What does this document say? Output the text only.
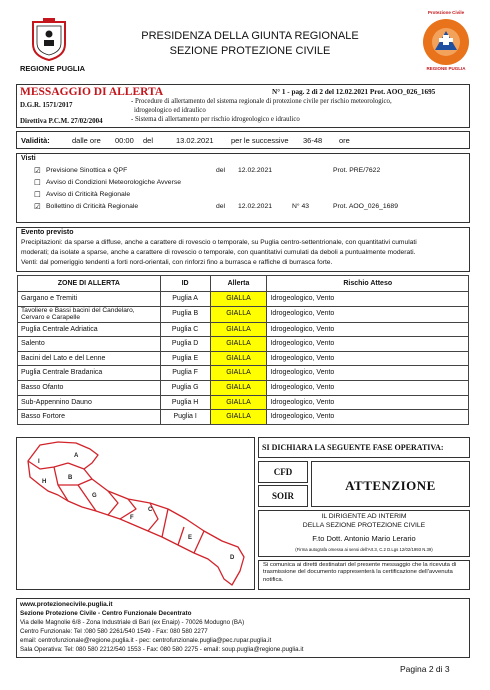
REGIONE PUGLIA
PRESIDENZA DELLA GIUNTA REGIONALE
SEZIONE PROTEZIONE CIVILE
Protezione Civile
REGIONE PUGLIA
MESSAGGIO DI ALLERTA	N° 1 - pag. 2 di 2 del 12.02.2021 Prot. AOO_026_1695
D.G.R. 1571/2017	- Procedure di allertamento del sistema regionale di protezione civile per rischio meteorologico,
idrogeologico ed idraulico
Direttiva P.C.M. 27/02/2004	- Sistema di allertamento per rischio idrogeologico e idraulico
Validità:	dalle ore 00:00 del	13.02.2021 per le successive 36-48 ore
Visti
☑ Previsione Sinottica e QPF	del 12.02.2021	Prot. PRE/7622
☐ Avviso di Condizioni Meteorologiche Avverse
☐ Avviso di Criticità Regionale
☑ Bollettino di Criticità Regionale	del 12.02.2021	N° 43	Prot. AOO_026_1689
Evento previsto
Precipitazioni: da sparse a diffuse, anche a carattere di rovescio o temporale, su Puglia centro-settentrionale, con quantitativi cumulati
moderati; da isolate a sparse, anche a carattere di rovescio o temporale, con quantitativi cumulati da deboli a puntualmente moderati.
Venti: dal pomeriggio tendenti a forti nord-orientali, con rinforzi fino a burrasca e raffiche di burrasca forte.
ZONE DI ALLERTA	ID	Allerta	Rischio Atteso
Gargano e Tremiti	Puglia A	GIALLA	Idrogeologico, Vento
Tavoliere e Bassi bacini del Candelaro, Cervaro e Carapelle	Puglia B	GIALLA	Idrogeologico, Vento
Puglia Centrale Adriatica	Puglia C	GIALLA	Idrogeologico, Vento
Salento	Puglia D	GIALLA	Idrogeologico, Vento
Bacini del Lato e del Lenne	Puglia E	GIALLA	Idrogeologico, Vento
Puglia Centrale Bradanica	Puglia F	GIALLA	Idrogeologico, Vento
Basso Ofanto	Puglia G	GIALLA	Idrogeologico, Vento
Sub-Appennino Dauno	Puglia H	GIALLA	Idrogeologico, Vento
Basso Fortore	Puglia I	GIALLA	Idrogeologico, Vento
I
A
H
B
G
F
C
E
D
SI DICHIARA LA SEGUENTE FASE OPERATIVA:
CFD
SOIR
ATTENZIONE
IL DIRIGENTE AD INTERIM
DELLA SEZIONE PROTEZIONE CIVILE
F.to Dott. Antonio Mario Lerario
(Firma autografa omessa ai sensi dell'Art.3, C.2 D.Lgs 12/02/1993 N.39)
Si comunica ai diretti destinatari del presente messaggio che la ricevuta di trasmissione del documento rappresenterà la certificazione dell'avvenuta notifica.
www.protezionecivile.puglia.it
Sezione Protezione Civile - Centro Funzionale Decentrato
Via delle Magnolie 6/8 - Zona Industriale di Bari (ex Enaip) - 70026 Modugno (BA)
Centro Funzionale: Tel :080 580 2261/540 1549 - Fax: 080 580 2277
email: centrofunzionale@regione.puglia.it - pec: centrofunzionale.puglia@pec.rupar.puglia.it
Sala Operativa: Tel: 080 580 2212/540 1553 - Fax: 080 580 2275 - email: soup.puglia@regione.puglia.it
Pagina 2 di 3
